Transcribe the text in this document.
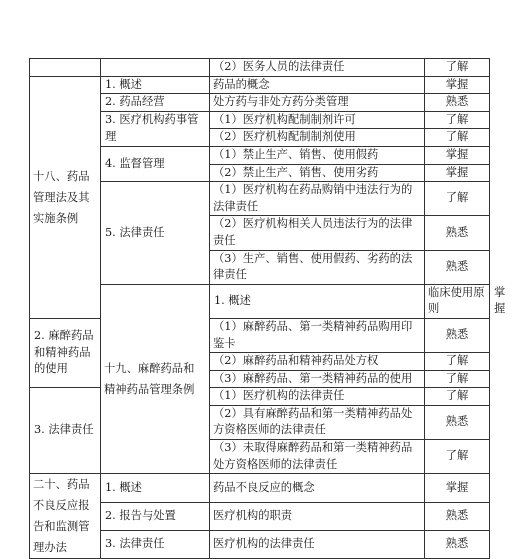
		（2）医务人员的法律责任	了解	
十八、药品管理法及其实施条例	1. 概述	药品的概念	掌握	
	2. 药品经营	处方药与非处方药分类管理	熟悉	
	3. 医疗机构药事管理	（1）医疗机构配制制剂许可	了解	
		（2）医疗机构配制制剂使用	了解	
	4. 监督管理	（1）禁止生产、销售、使用假药	掌握	
		（2）禁止生产、销售、使用劣药	掌握	
	5. 法律责任	（1）医疗机构在药品购销中违法行为的法律责任	了解	
		（2）医疗机构相关人员违法行为的法律责任	熟悉	
		（3）生产、销售、使用假药、劣药的法律责任	熟悉	
	十九、麻醉药品和精神药品管理条例	1. 概述	临床使用原则	掌握
2. 麻醉药品和精神药品的使用		（1）麻醉药品、第一类精神药品购用印鉴卡	熟悉	
		（2）麻醉药品和精神药品处方权	了解	
		（3）麻醉药品、第一类精神药品的使用	了解	
3. 法律责任		（1）医疗机构的法律责任	了解	
		（2）具有麻醉药品和第一类精神药品处方资格医师的法律责任	熟悉	
		（3）未取得麻醉药品和第一类精神药品处方资格医师的法律责任	了解	
二十、药品不良反应报告和监测管理办法	1. 概述	药品不良反应的概念	掌握	
	2. 报告与处置	医疗机构的职责	熟悉	
	3. 法律责任	医疗机构的法律责任	熟悉	
